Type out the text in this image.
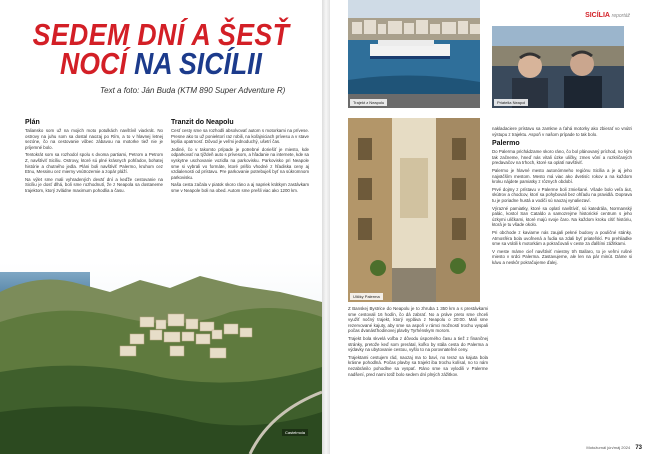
SEDEM DNÍ A ŠESŤ
NOCÍ NA SICÍLII
Text a foto: Ján Buda (KTM 890 Super Adventure R)
Plán

Taliansko som už na mojich moto potulkách navštívil viackrát. No ostrovy na juhu som sa dostal naozaj po Rím, a to v hlavnej letnej sezóne, čo na cestovanie vôbec zábavou na motorke tiež nie je príjemné bolo.

Tentokrát som sa rozhodol spolu s dvoma partiami, Petrom a Petrom Z, navštíviť Sicíliu. Ostrovy, ktoré sú plné krásnych pohľadov, bohatej histórie a chutného jedla. Pláni boli navštíviť Palermo, kruhom cez Etnu, Messinu cez mierny vnútrozemie a zopár pláží.

Na výlet sme mali vyhradených deväť dní a keďže cestovanie na Sicíliu je dosť dlhá, boli sme rozhodnutí, že z Neapola sa dostaneme trajektom, ktorý zvládne maximum pohodlia a času.

Tranzit do Neapolu

Cesť cesty sme sa rozhodli absolvovať autom s motorkami na prívese. Presne ako to už poniektorí raz robili, na koľajniciach prívesu a v stave lepšia opatrnosť. Dôvod je veľmi jednoduchý, ušetrí čas.

Jediné, čo v takomto prípade je potrebné doriešiť je miesto, kde odparkovať na týždeň auto s prívesom, a hľadanie na internete, kde sa vyskytne uschovanie vozidla na parkovisku. Parkovisko pri Neapole sme si vybrali vo formáte, ktoré prišlo vhodné z hľadiska ceny aj vzdialenosti od prístavu. Pre parkovanie potrebuješ byť na súkromnom parkovisku.

Naša cesta začala v piatok skoro ráno a aj napriek krátkym zastávkam sme v Neapole boli na obed. Autom sme prešli viac ako 1200 km.

Castelmola
SICÍLIA reportáž
Trajekt z Neapolu	Priatelia Neapol
Uličky Palerma

Z Banskej Bystrice do Neapolu je to zhruba 1 350 km a s prestávkami sme cestovali 16 hodín, čo dá zabrať. No a práve preto sme chceli využiť nočný trajekt, ktorý vypláva z Neapolu o 20:00. Mali sme rezervované kajuty, aby sme sa aspoň v rámci možností trochu vyspali počas dvanásťhodinovej plavby Tyrhénskym morom.

Trajekt bola skvelá voľba z dôvodu úsporného času a tiež z finančnej stránky, pretože keď som prerátal, koľko by stála cesta do Palerma a výdavky na ubytovanie cestou, vyšlo to na porovnateľné ceny.

Trajektami cestujem rád, naozaj ma to baví, no teraz sa kajuta bola krásne pohodlná. Počas plavby sa trajekt iba trochu kolísal, no to nám nezabránilo pohodlne sa vyspať. Ráno sme sa vylodili v Palerme nadšení, pred nami totiž bolo sedem dní plných zážitkov.

nakladaciere prístavu sa zamkne a ťahá motorky ako zbierať vo vnútri výstupu z trajektu. Aspoň v našom prípade to tak bolo.

Palermo

Do Palerma prichádzame skoro ráno, čo bol plánovaný príchod, no kým tak začneme, hneď nás vítali úzke uličky, zmes vôní a rozkričaných predavačov na trhoch, ktoré sa oplatí navštíviť.

Palermo je hlavné mesto autonómneho regiónu Sicília a je aj jeho najväčším mestom. Mesto má viac ako dvetisíc rokov a na každom kroku nájdete pamiatky z rôznych období.

Prvé dojmy z prístavu v Palerme boli zmiešané. Všade bolo veľa áut, skútrov a chodcov, ktorí sa pohybovali bez ohľadu na pravidlá. Doprava tu je poriadne hustá a vodiči sú naozaj vynaliezaví.

Výrazné pamiatky, ktoré sa oplatí navštíviť, sú katedrála, Normanský palác, kostol San Cataldo a samozrejme historické centrum s jeho úzkymi uličkami, ktoré majú svoje čaro. Na každom kroku cítiť históriu, ktorá je tu všade okolo.

Pri obchode z kaviarne nás zaujali pekné budovy a pouličné stánky. Atmosféra bola uvoľnená a ľudia sa zdali byť priateľskí. Po prehliadke sme sa vrátili k motorkám a pokračovali v ceste za ďalšími zážitkami.

V meste máme cieľ navštíviť miestny trh Ballaro, to je veľmi rušné miesto v srdci Palerma. Zastavujeme, ale len na pár minút. Dáme si kávu a neskôr pokračujeme ďalej.

Motožurnál jún/máj 2024 73
